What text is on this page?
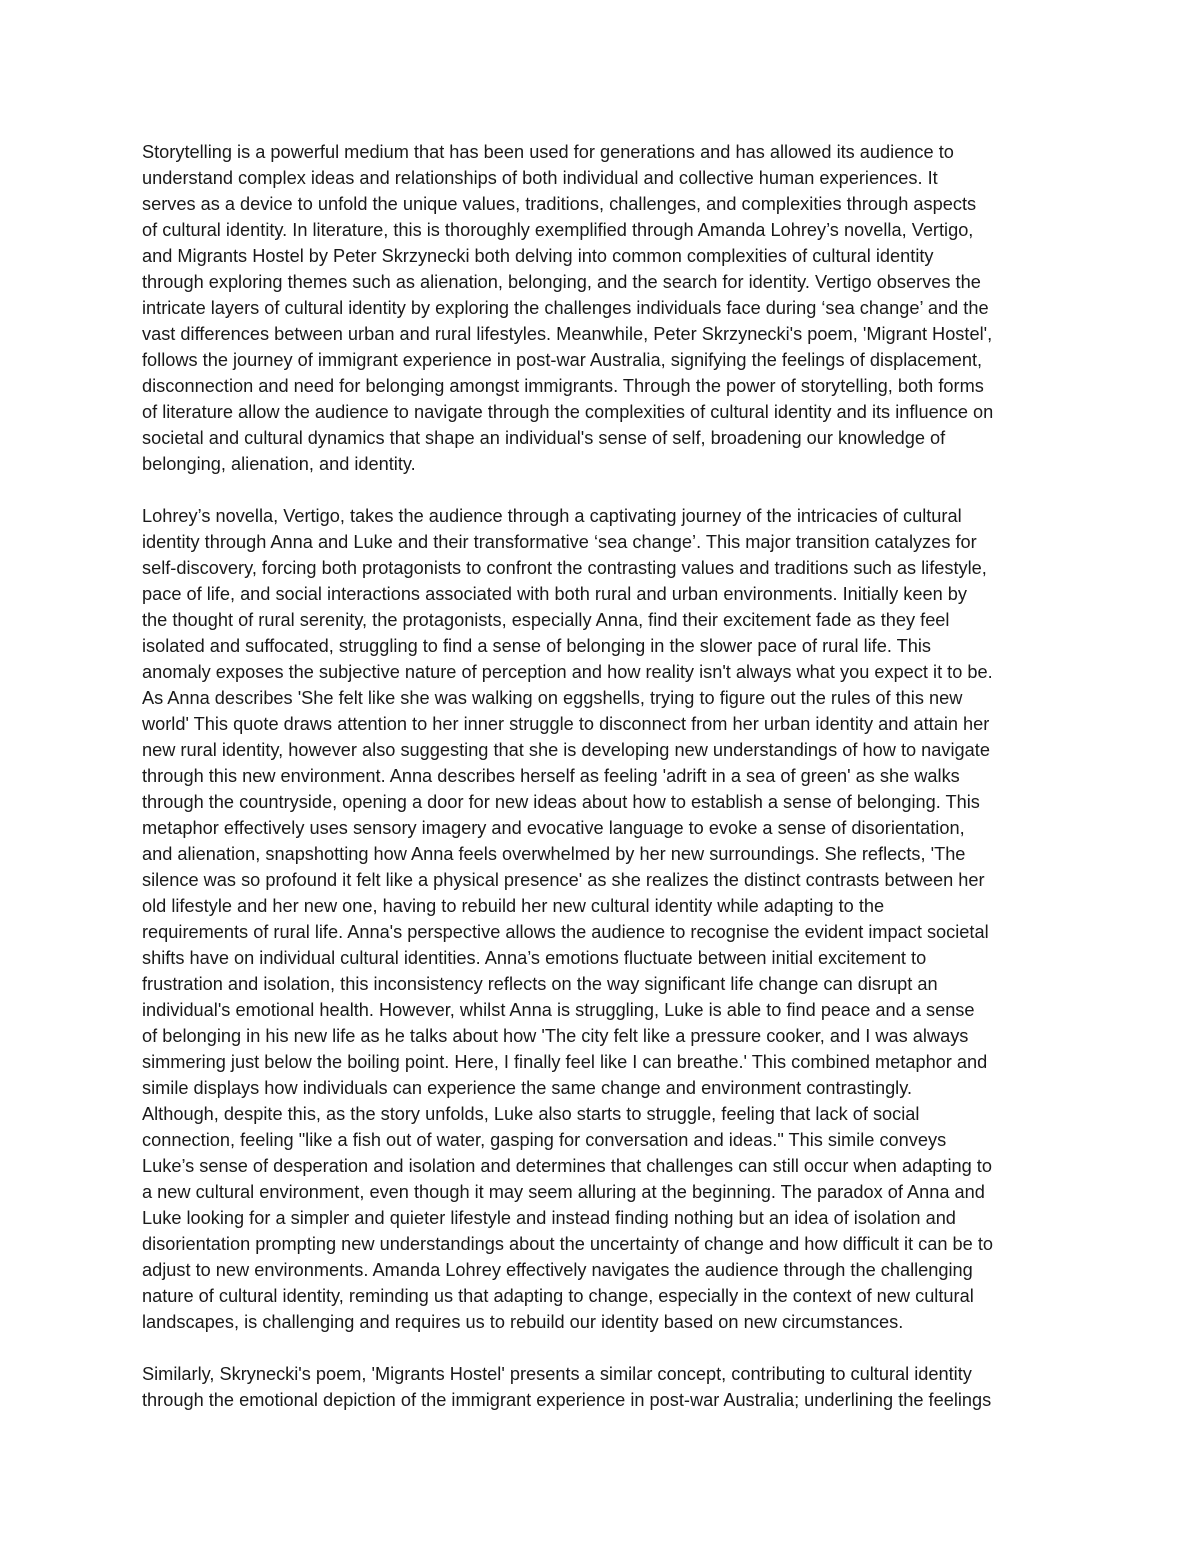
Storytelling is a powerful medium that has been used for generations and has allowed its audience to
understand complex ideas and relationships of both individual and collective human experiences. It
serves as a device to unfold the unique values, traditions, challenges, and complexities through aspects
of cultural identity. In literature, this is thoroughly exemplified through Amanda Lohrey’s novella, Vertigo,
and Migrants Hostel by Peter Skrzynecki both delving into common complexities of cultural identity
through exploring themes such as alienation, belonging, and the search for identity. Vertigo observes the
intricate layers of cultural identity by exploring the challenges individuals face during ‘sea change’ and the
vast differences between urban and rural lifestyles. Meanwhile, Peter Skrzynecki's poem, 'Migrant Hostel',
follows the journey of immigrant experience in post-war Australia, signifying the feelings of displacement,
disconnection and need for belonging amongst immigrants. Through the power of storytelling, both forms
of literature allow the audience to navigate through the complexities of cultural identity and its influence on
societal and cultural dynamics that shape an individual's sense of self, broadening our knowledge of
belonging, alienation, and identity.

Lohrey’s novella, Vertigo, takes the audience through a captivating journey of the intricacies of cultural
identity through Anna and Luke and their transformative ‘sea change’. This major transition catalyzes for
self-discovery, forcing both protagonists to confront the contrasting values and traditions such as lifestyle,
pace of life, and social interactions associated with both rural and urban environments. Initially keen by
the thought of rural serenity, the protagonists, especially Anna, find their excitement fade as they feel
isolated and suffocated, struggling to find a sense of belonging in the slower pace of rural life. This
anomaly exposes the subjective nature of perception and how reality isn't always what you expect it to be.
As Anna describes 'She felt like she was walking on eggshells, trying to figure out the rules of this new
world' This quote draws attention to her inner struggle to disconnect from her urban identity and attain her
new rural identity, however also suggesting that she is developing new understandings of how to navigate
through this new environment. Anna describes herself as feeling 'adrift in a sea of green' as she walks
through the countryside, opening a door for new ideas about how to establish a sense of belonging. This
metaphor effectively uses sensory imagery and evocative language to evoke a sense of disorientation,
and alienation, snapshotting how Anna feels overwhelmed by her new surroundings. She reflects, 'The
silence was so profound it felt like a physical presence' as she realizes the distinct contrasts between her
old lifestyle and her new one, having to rebuild her new cultural identity while adapting to the
requirements of rural life. Anna's perspective allows the audience to recognise the evident impact societal
shifts have on individual cultural identities. Anna’s emotions fluctuate between initial excitement to
frustration and isolation, this inconsistency reflects on the way significant life change can disrupt an
individual's emotional health. However, whilst Anna is struggling, Luke is able to find peace and a sense
of belonging in his new life as he talks about how 'The city felt like a pressure cooker, and I was always
simmering just below the boiling point. Here, I finally feel like I can breathe.' This combined metaphor and
simile displays how individuals can experience the same change and environment contrastingly.
Although, despite this, as the story unfolds, Luke also starts to struggle, feeling that lack of social
connection, feeling "like a fish out of water, gasping for conversation and ideas." This simile conveys
Luke’s sense of desperation and isolation and determines that challenges can still occur when adapting to
a new cultural environment, even though it may seem alluring at the beginning. The paradox of Anna and
Luke looking for a simpler and quieter lifestyle and instead finding nothing but an idea of isolation and
disorientation prompting new understandings about the uncertainty of change and how difficult it can be to
adjust to new environments. Amanda Lohrey effectively navigates the audience through the challenging
nature of cultural identity, reminding us that adapting to change, especially in the context of new cultural
landscapes, is challenging and requires us to rebuild our identity based on new circumstances.

Similarly, Skrynecki's poem, 'Migrants Hostel' presents a similar concept, contributing to cultural identity
through the emotional depiction of the immigrant experience in post-war Australia; underlining the feelings
